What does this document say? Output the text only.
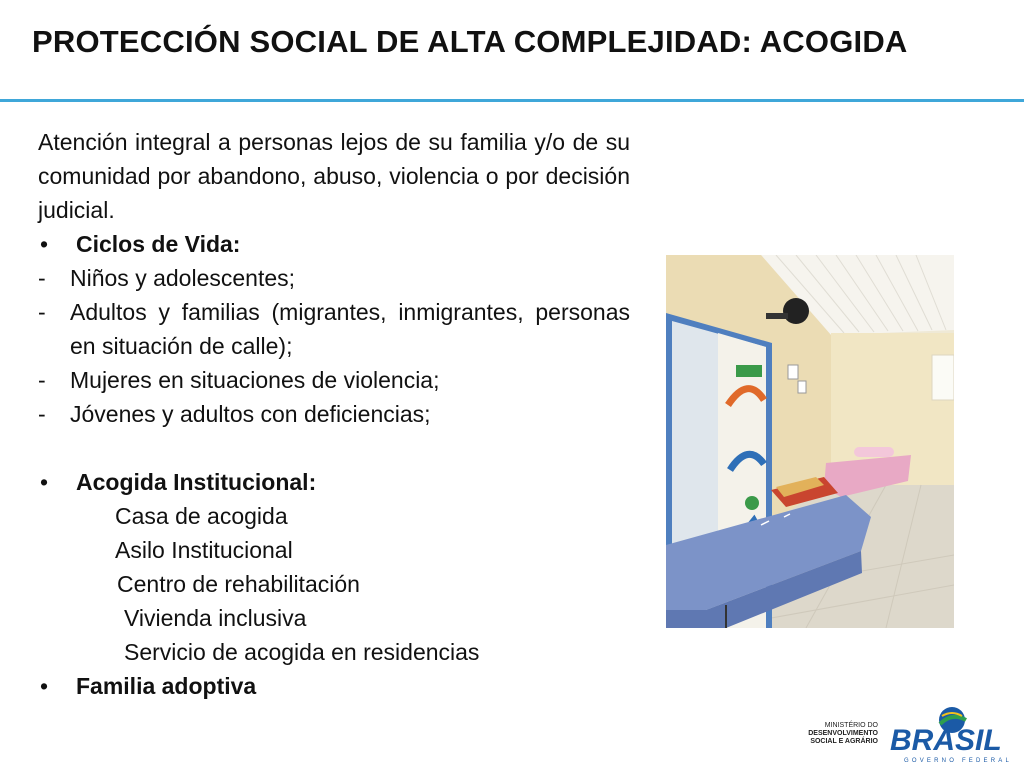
PROTECCIÓN SOCIAL DE ALTA COMPLEJIDAD: ACOGIDA
Atención integral a personas lejos de su familia y/o de su comunidad por abandono, abuso, violencia o por decisión judicial.
• Ciclos de Vida:
- Niños y adolescentes;
- Adultos y familias (migrantes, inmigrantes, personas en situación de calle);
- Mujeres en situaciones de violencia;
- Jóvenes y adultos con deficiencias;
• Acogida Institucional:
Casa de acogida
Asilo Institucional
Centro de rehabilitación
Vivienda inclusiva
Servicio de acogida en residencias
• Familia adoptiva
MINISTÉRIO DO
DESENVOLVIMENTO
SOCIAL E AGRÁRIO BRASIL
GOVERNO FEDERAL
